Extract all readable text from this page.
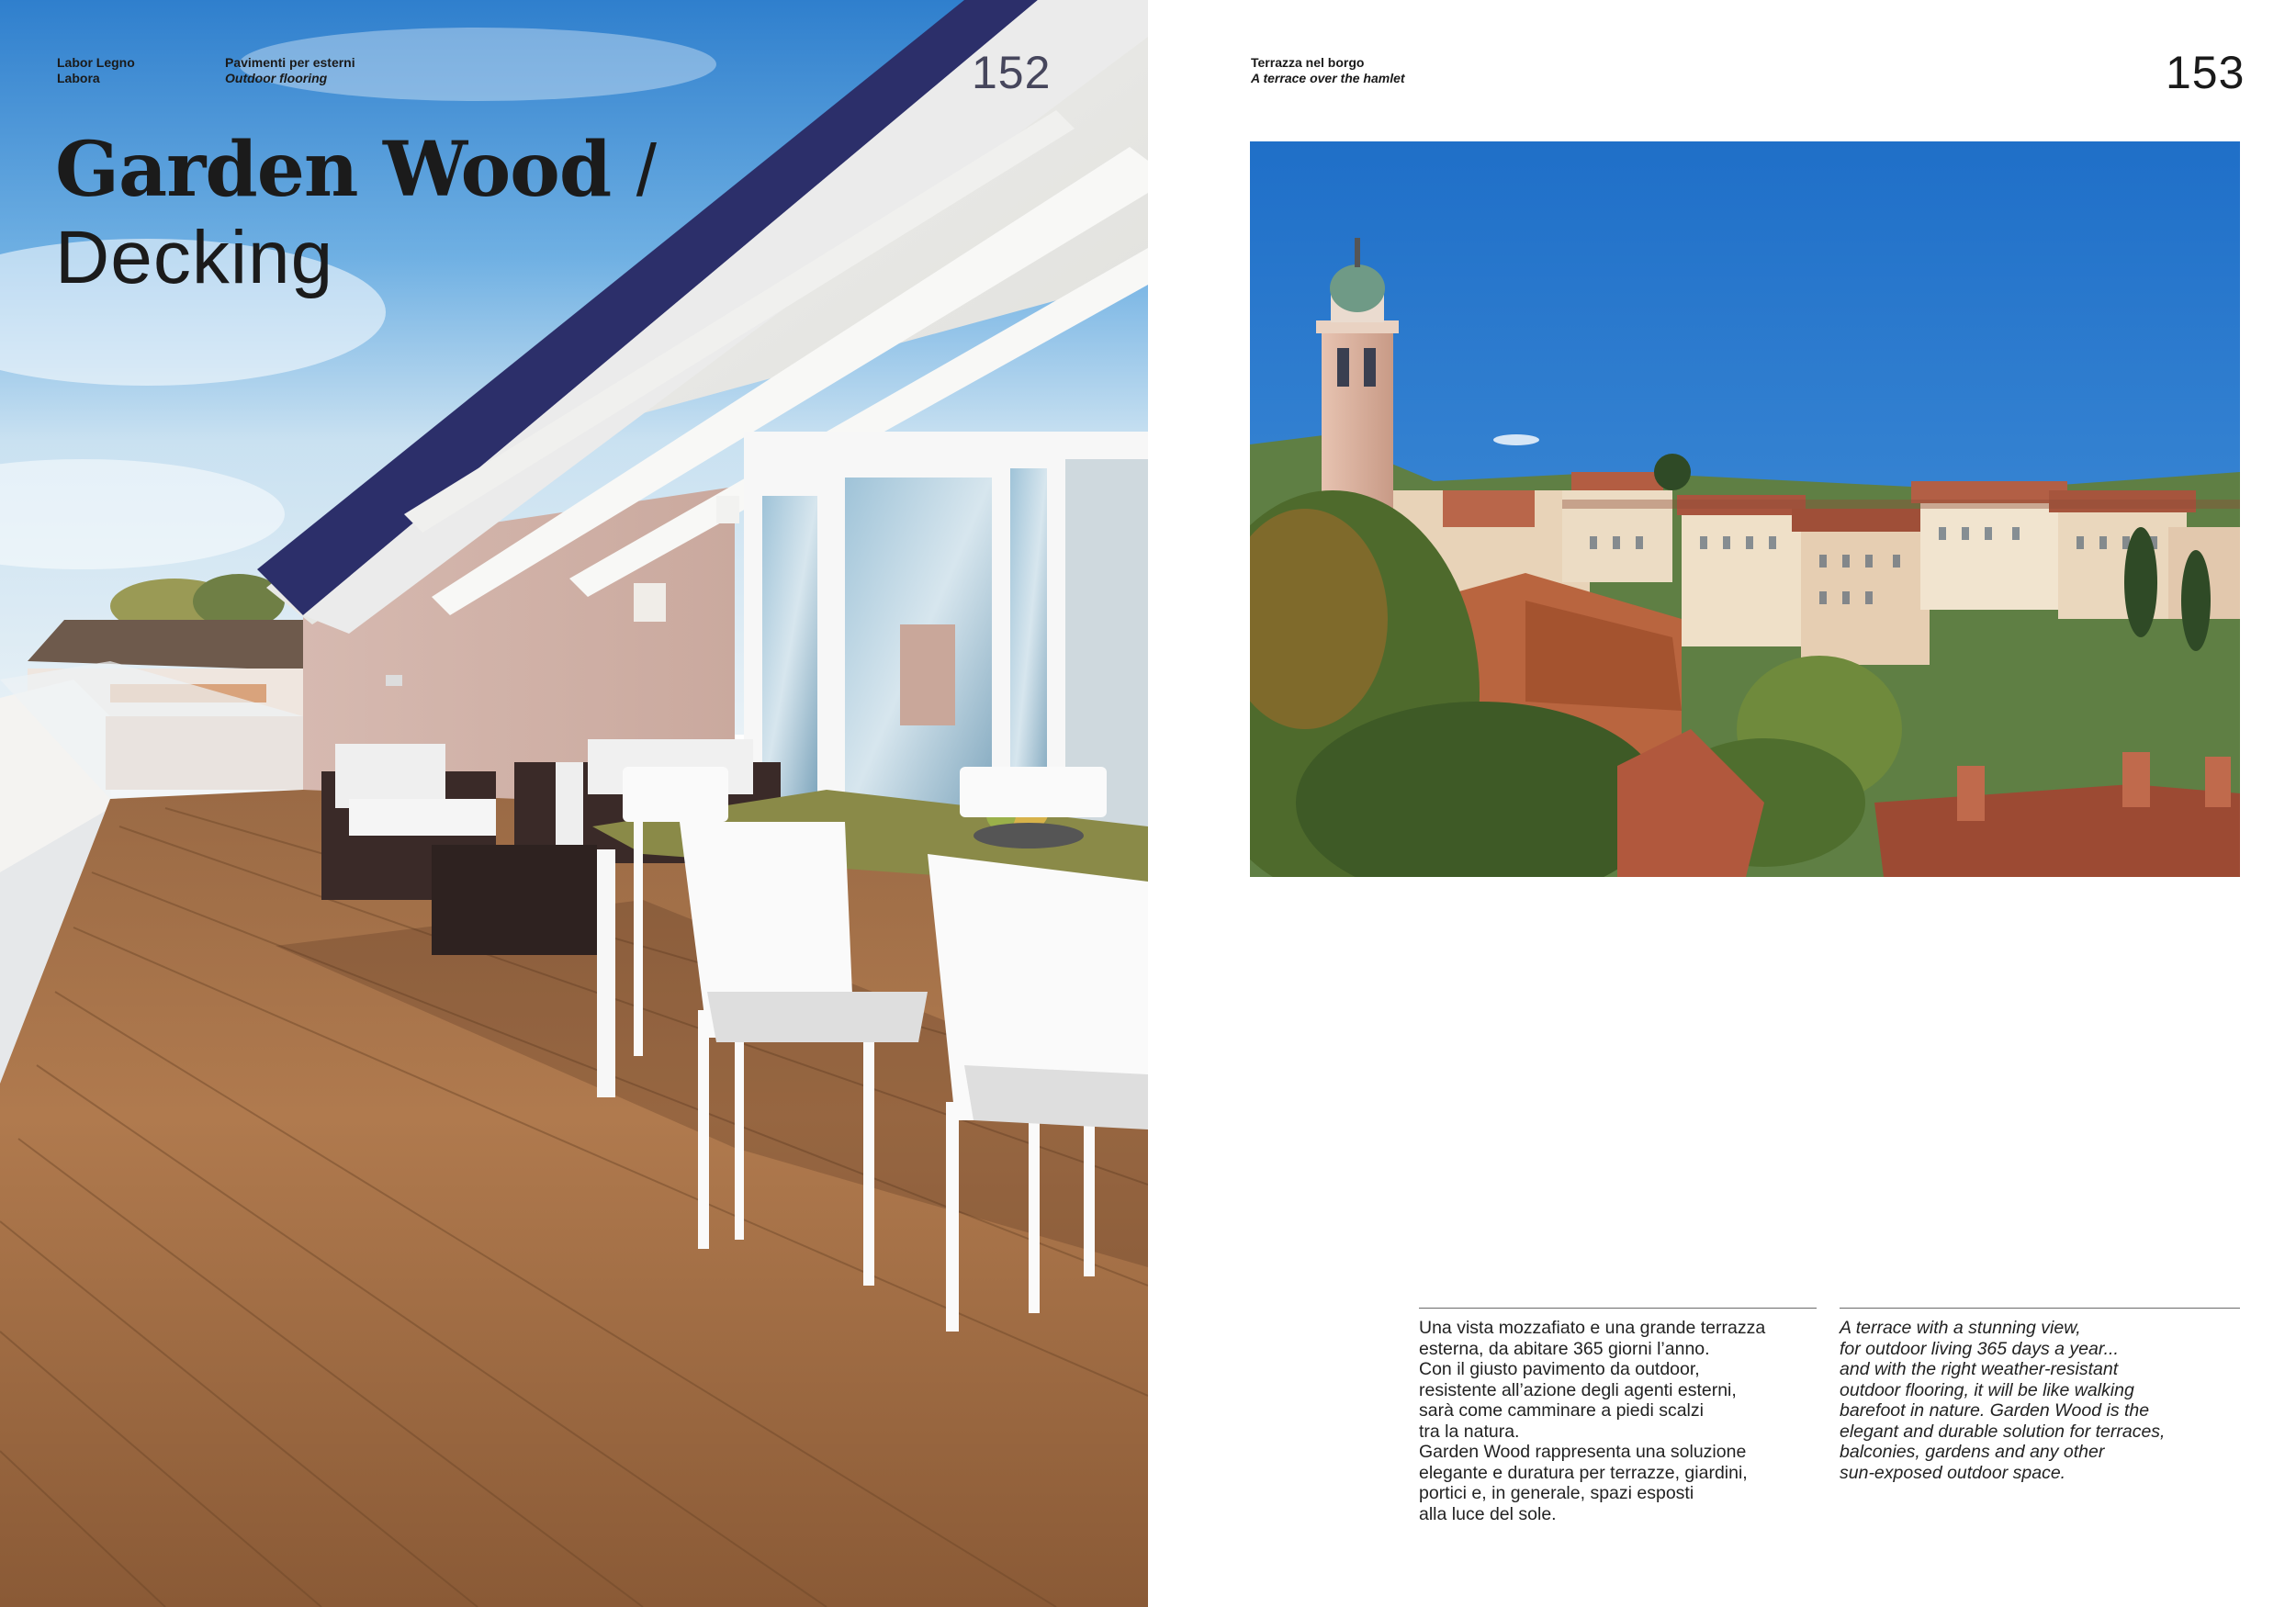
Labor Legno
Labora
Pavimenti per esterni
Outdoor flooring	152
Garden Wood /
Decking
Terrazza nel borgo
A terrace over the hamlet	153

Una vista mozzafiato e una grande terrazza

esterna, da abitare 365 giorni l’anno.

Con il giusto pavimento da outdoor,

resistente all’azione degli agenti esterni,

sarà come camminare a piedi scalzi

tra la natura.

Garden Wood rappresenta una soluzione

elegante e duratura per terrazze, giardini,

portici e, in generale, spazi esposti

alla luce del sole.

A terrace with a stunning view,

for outdoor living 365 days a year...

and with the right weather-resistant

outdoor flooring, it will be like walking

barefoot in nature. Garden Wood is the

elegant and durable solution for terraces,

balconies, gardens and any other

sun-exposed outdoor space.
